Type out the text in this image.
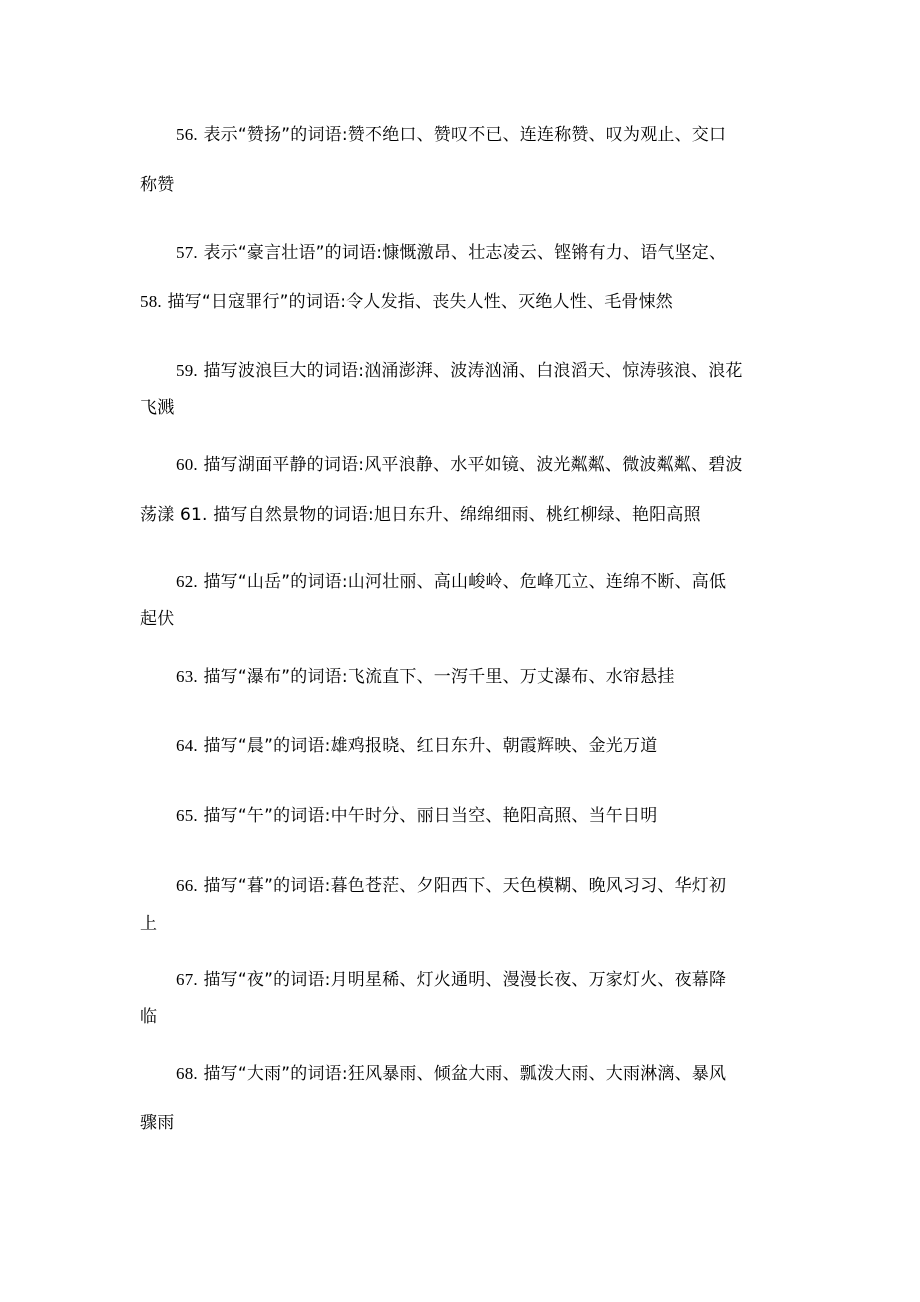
56. 表示“赞扬”的词语:赞不绝口、赞叹不已、连连称赞、叹为观止、交口
称赞
57. 表示“豪言壮语”的词语:慷慨激昂、壮志凌云、铿锵有力、语气坚定、
58. 描写“日寇罪行”的词语:令人发指、丧失人性、灭绝人性、毛骨悚然
59. 描写波浪巨大的词语:汹涌澎湃、波涛汹涌、白浪滔天、惊涛骇浪、浪花
飞溅
60. 描写湖面平静的词语:风平浪静、水平如镜、波光粼粼、微波粼粼、碧波
荡漾 61. 描写自然景物的词语:旭日东升、绵绵细雨、桃红柳绿、艳阳高照
62. 描写“山岳”的词语:山河壮丽、高山峻岭、危峰兀立、连绵不断、高低
起伏
63. 描写“瀑布”的词语:飞流直下、一泻千里、万丈瀑布、水帘悬挂
64. 描写“晨”的词语:雄鸡报晓、红日东升、朝霞辉映、金光万道
65. 描写“午”的词语:中午时分、丽日当空、艳阳高照、当午日明
66. 描写“暮”的词语:暮色苍茫、夕阳西下、天色模糊、晚风习习、华灯初
上
67. 描写“夜”的词语:月明星稀、灯火通明、漫漫长夜、万家灯火、夜幕降
临
68. 描写“大雨”的词语:狂风暴雨、倾盆大雨、瓢泼大雨、大雨淋漓、暴风
骤雨
